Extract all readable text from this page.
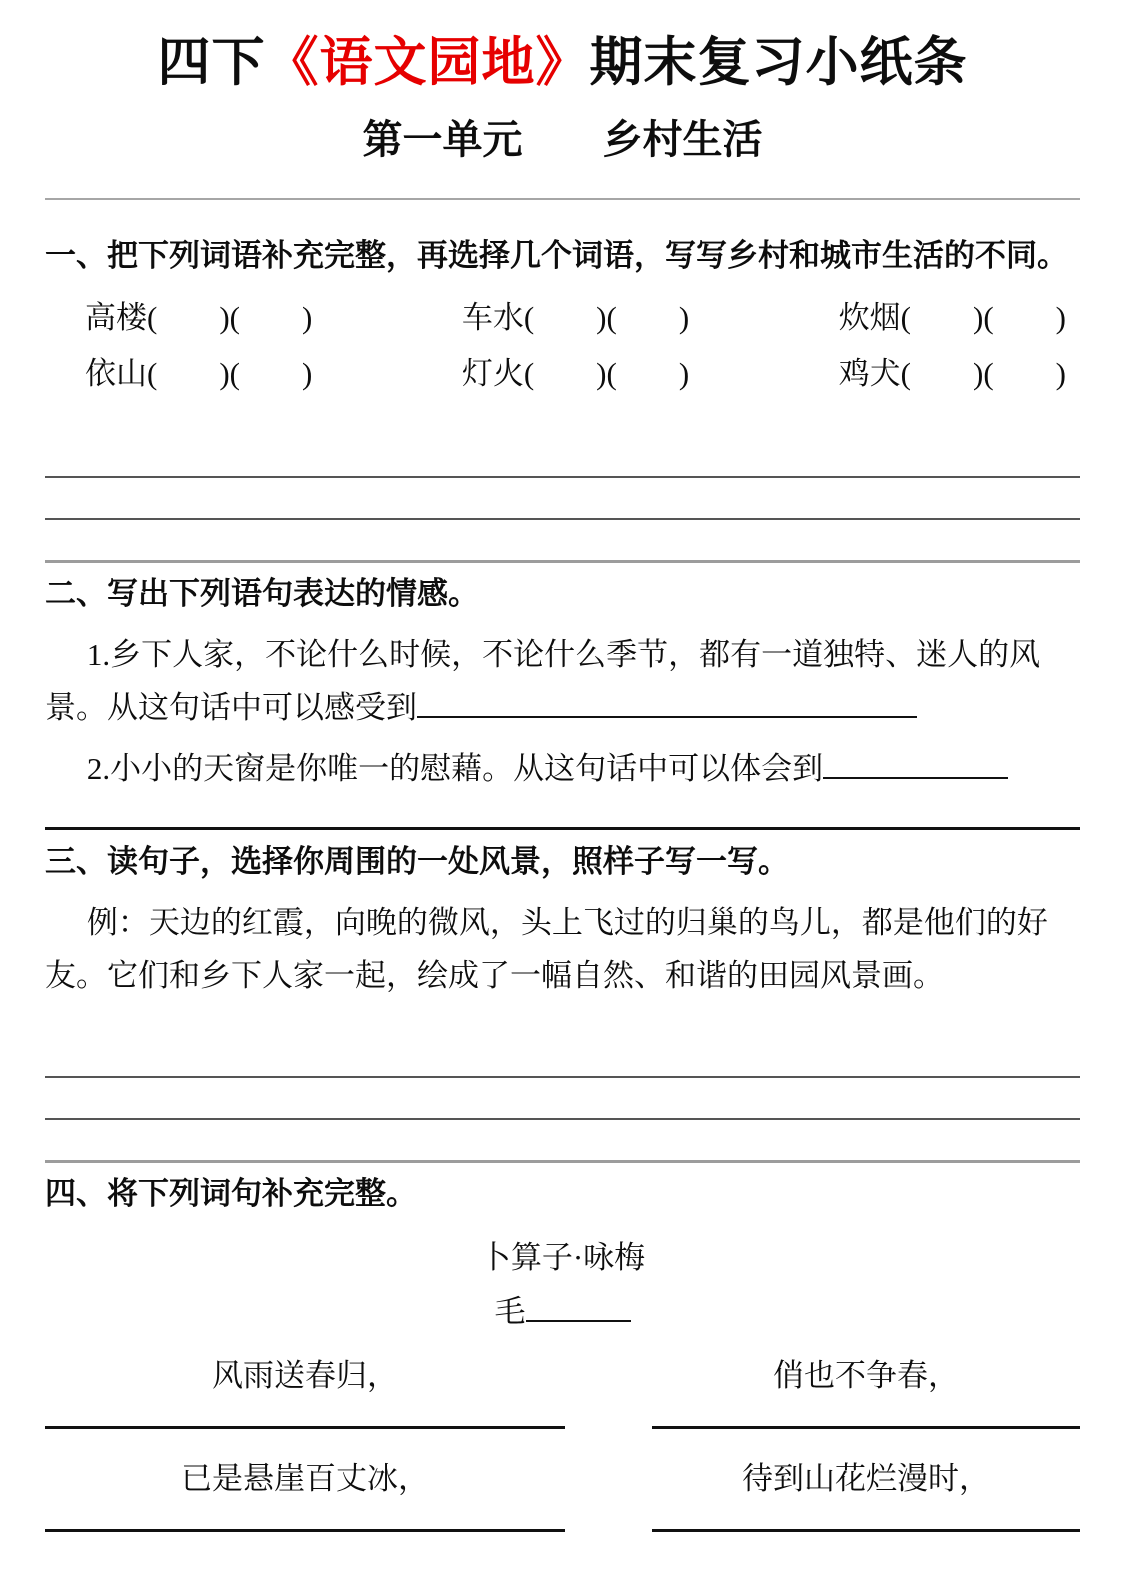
四下《语文园地》期末复习小纸条
第一单元　　乡村生活
一、把下列词语补充完整，再选择几个词语，写写乡村和城市生活的不同。
高楼(　　)(　　)	车水(　　)(　　)	炊烟(　　)(　　)
依山(　　)(　　)	灯火(　　)(　　)	鸡犬(　　)(　　)
二、写出下列语句表达的情感。

1.乡下人家，不论什么时候，不论什么季节，都有一道独特、迷人的风景。从这句话中可以感受到

2.小小的天窗是你唯一的慰藉。从这句话中可以体会到

三、读句子，选择你周围的一处风景，照样子写一写。

例：天边的红霞，向晚的微风，头上飞过的归巢的鸟儿，都是他们的好友。它们和乡下人家一起，绘成了一幅自然、和谐的田园风景画。

四、将下列词句补充完整。

卜算子·咏梅

毛

风雨送春归，

已是悬崖百丈冰，

俏也不争春，

待到山花烂漫时，
